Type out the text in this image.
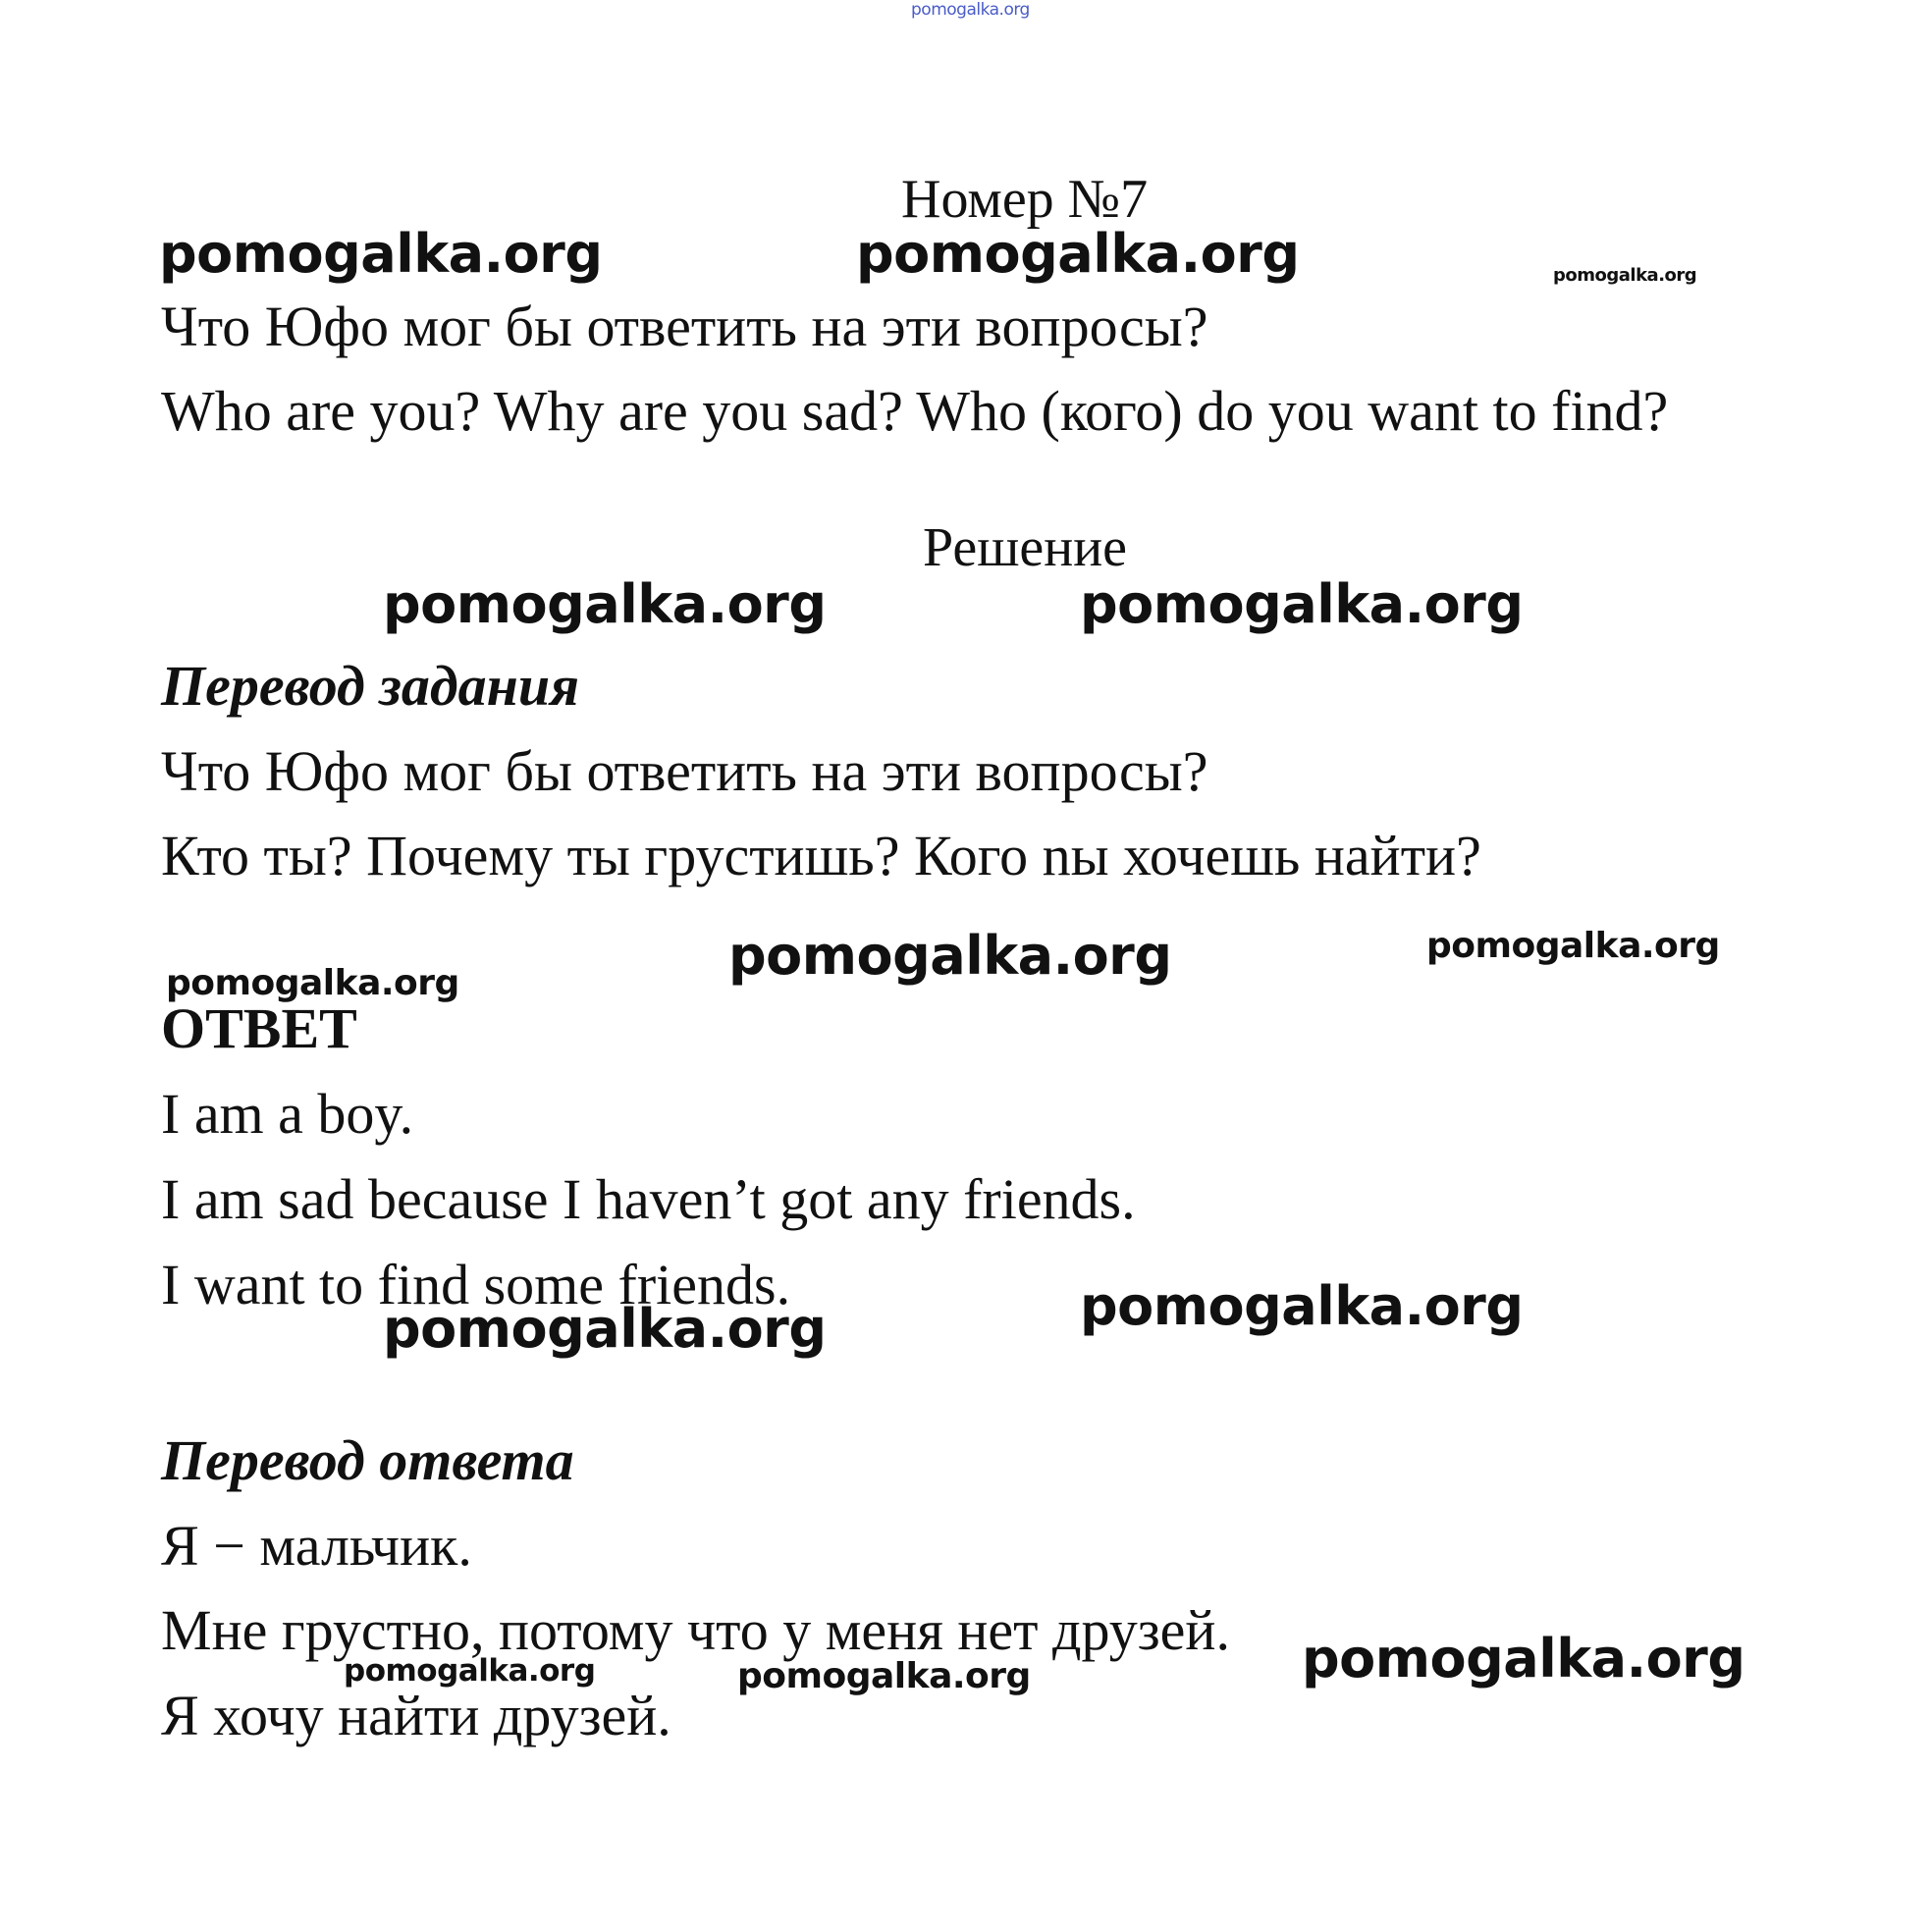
pomogalka.org
Номер №7
pomogalka.org	pomogalka.org	pomogalka.org
Что Юфо мог бы ответить на эти вопросы?
Who are you? Why are you sad? Who (кого) do you want to find?
Решение
pomogalka.org	pomogalka.org
Перевод задания
Что Юфо мог бы ответить на эти вопросы?
Кто ты? Почему ты грустишь? Кого nы хочешь найти?
pomogalka.org	pomogalka.org
pomogalka.org
ОТВЕТ
I am a boy.
I am sad because I haven’t got any friends.
I want to find some friends.
pomogalka.org	pomogalka.org
Перевод ответа
Я − мальчик.
Мне грустно, потому что у меня нет друзей. pomogalka.org
pomogalka.org	pomogalka.org
Я хочу найти друзей.
